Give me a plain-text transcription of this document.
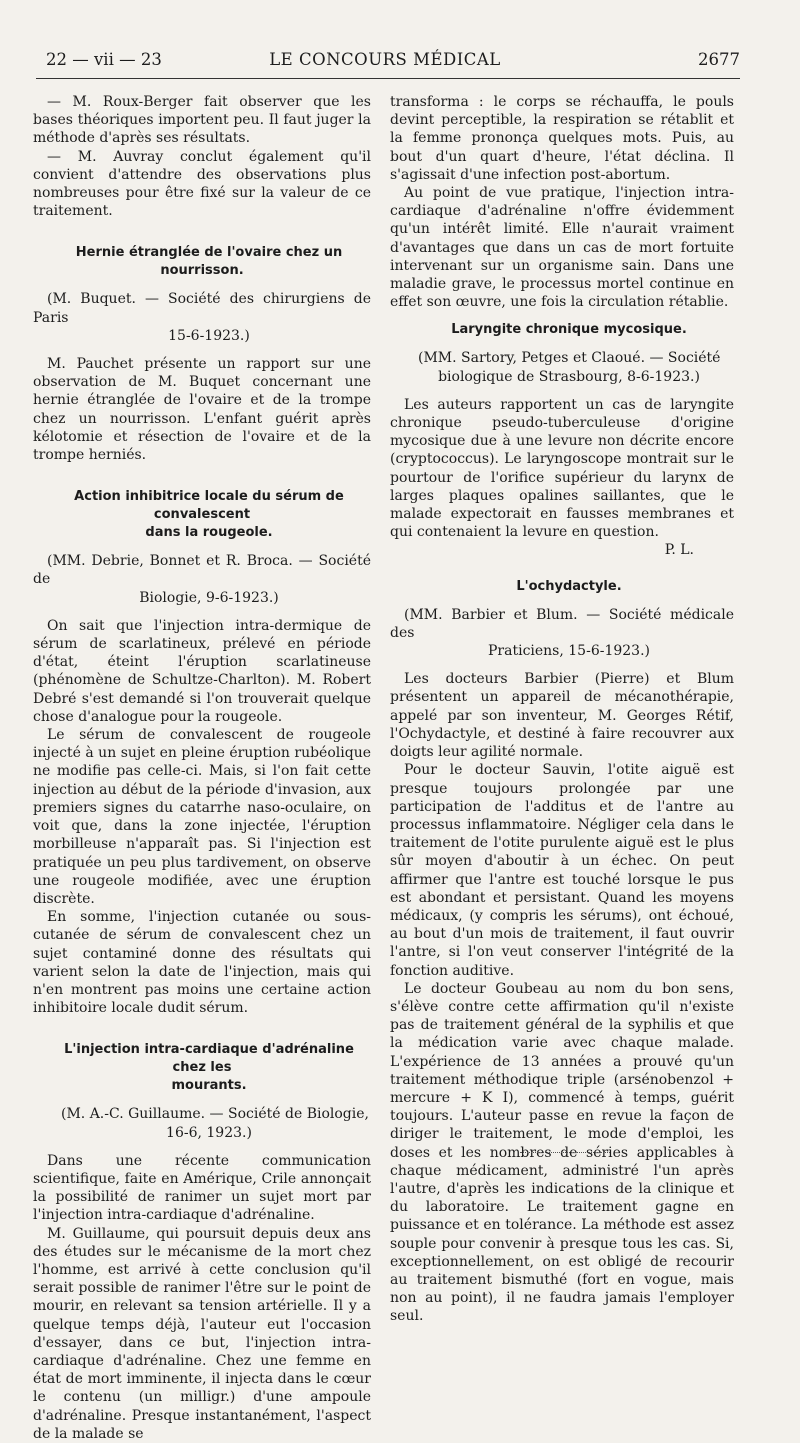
22 — vii — 23	LE CONCOURS MÉDICAL	2677

— M. Roux-Berger fait observer que les bases théoriques importent peu. Il faut juger la méthode d'après ses résultats.

— M. Auvray conclut également qu'il convient d'attendre des observations plus nombreuses pour être fixé sur la valeur de ce traitement.

Hernie étranglée de l'ovaire chez un nourrisson.

(M. Buquet. — Société des chirurgiens de Paris
15-6-1923.)

M. Pauchet présente un rapport sur une observation de M. Buquet concernant une hernie étranglée de l'ovaire et de la trompe chez un nourrisson. L'enfant guérit après kélotomie et résection de l'ovaire et de la trompe herniés.

Action inhibitrice locale du sérum de convalescent
dans la rougeole.

(MM. Debrie, Bonnet et R. Broca. — Société de
Biologie, 9-6-1923.)

On sait que l'injection intra-dermique de sérum de scarlatineux, prélevé en période d'état, éteint l'éruption scarlatineuse (phénomène de Schultze-Charlton). M. Robert Debré s'est demandé si l'on trouverait quelque chose d'analogue pour la rougeole.

Le sérum de convalescent de rougeole injecté à un sujet en pleine éruption rubéolique ne modifie pas celle-ci. Mais, si l'on fait cette injection au début de la période d'invasion, aux premiers signes du catarrhe naso-oculaire, on voit que, dans la zone injectée, l'éruption morbilleuse n'apparaît pas. Si l'injection est pratiquée un peu plus tardivement, on observe une rougeole modifiée, avec une éruption discrète.

En somme, l'injection cutanée ou sous-cutanée de sérum de convalescent chez un sujet contaminé donne des résultats qui varient selon la date de l'injection, mais qui n'en montrent pas moins une certaine action inhibitoire locale dudit sérum.

L'injection intra-cardiaque d'adrénaline chez les
mourants.

(M. A.-C. Guillaume. — Société de Biologie,
16-6, 1923.)

Dans une récente communication scientifique, faite en Amérique, Crile annonçait la possibilité de ranimer un sujet mort par l'injection intra-cardiaque d'adrénaline.

M. Guillaume, qui poursuit depuis deux ans des études sur le mécanisme de la mort chez l'homme, est arrivé à cette conclusion qu'il serait possible de ranimer l'être sur le point de mourir, en relevant sa tension artérielle. Il y a quelque temps déjà, l'auteur eut l'occasion d'essayer, dans ce but, l'injection intra-cardiaque d'adrénaline. Chez une femme en état de mort imminente, il injecta dans le cœur le contenu (un milligr.) d'une ampoule d'adrénaline. Presque instantanément, l'aspect de la malade se

transforma : le corps se réchauffa, le pouls devint perceptible, la respiration se rétablit et la femme prononça quelques mots. Puis, au bout d'un quart d'heure, l'état déclina. Il s'agissait d'une infection post-abortum.

Au point de vue pratique, l'injection intra-cardiaque d'adrénaline n'offre évidemment qu'un intérêt limité. Elle n'aurait vraiment d'avantages que dans un cas de mort fortuite intervenant sur un organisme sain. Dans une maladie grave, le processus mortel continue en effet son œuvre, une fois la circulation rétablie.

Laryngite chronique mycosique.

(MM. Sartory, Petges et Claoué. — Société
biologique de Strasbourg, 8-6-1923.)

Les auteurs rapportent un cas de laryngite chronique pseudo-tuberculeuse d'origine mycosique due à une levure non décrite encore (cryptococcus). Le laryngoscope montrait sur le pourtour de l'orifice supérieur du larynx de larges plaques opalines saillantes, que le malade expectorait en fausses membranes et qui contenaient la levure en question.

P. L.

L'ochydactyle.

(MM. Barbier et Blum. — Société médicale des
Praticiens, 15-6-1923.)

Les docteurs Barbier (Pierre) et Blum présentent un appareil de mécanothérapie, appelé par son inventeur, M. Georges Rétif, l'Ochydactyle, et destiné à faire recouvrer aux doigts leur agilité normale.

Pour le docteur Sauvin, l'otite aiguë est presque toujours prolongée par une participation de l'additus et de l'antre au processus inflammatoire. Négliger cela dans le traitement de l'otite purulente aiguë est le plus sûr moyen d'aboutir à un échec. On peut affirmer que l'antre est touché lorsque le pus est abondant et persistant. Quand les moyens médicaux, (y compris les sérums), ont échoué, au bout d'un mois de traitement, il faut ouvrir l'antre, si l'on veut conserver l'intégrité de la fonction auditive.

Le docteur Goubeau au nom du bon sens, s'élève contre cette affirmation qu'il n'existe pas de traitement général de la syphilis et que la médication varie avec chaque malade. L'expérience de 13 années a prouvé qu'un traitement méthodique triple (arsénobenzol + mercure + K I), commencé à temps, guérit toujours. L'auteur passe en revue la façon de diriger le traitement, le mode d'emploi, les doses et les nombres de séries applicables à chaque médicament, administré l'un après l'autre, d'après les indications de la clinique et du laboratoire. Le traitement gagne en puissance et en tolérance. La méthode est assez souple pour convenir à presque tous les cas. Si, exceptionnellement, on est obligé de recourir au traitement bismuthé (fort en vogue, mais non au point), il ne faudra jamais l'employer seul.
